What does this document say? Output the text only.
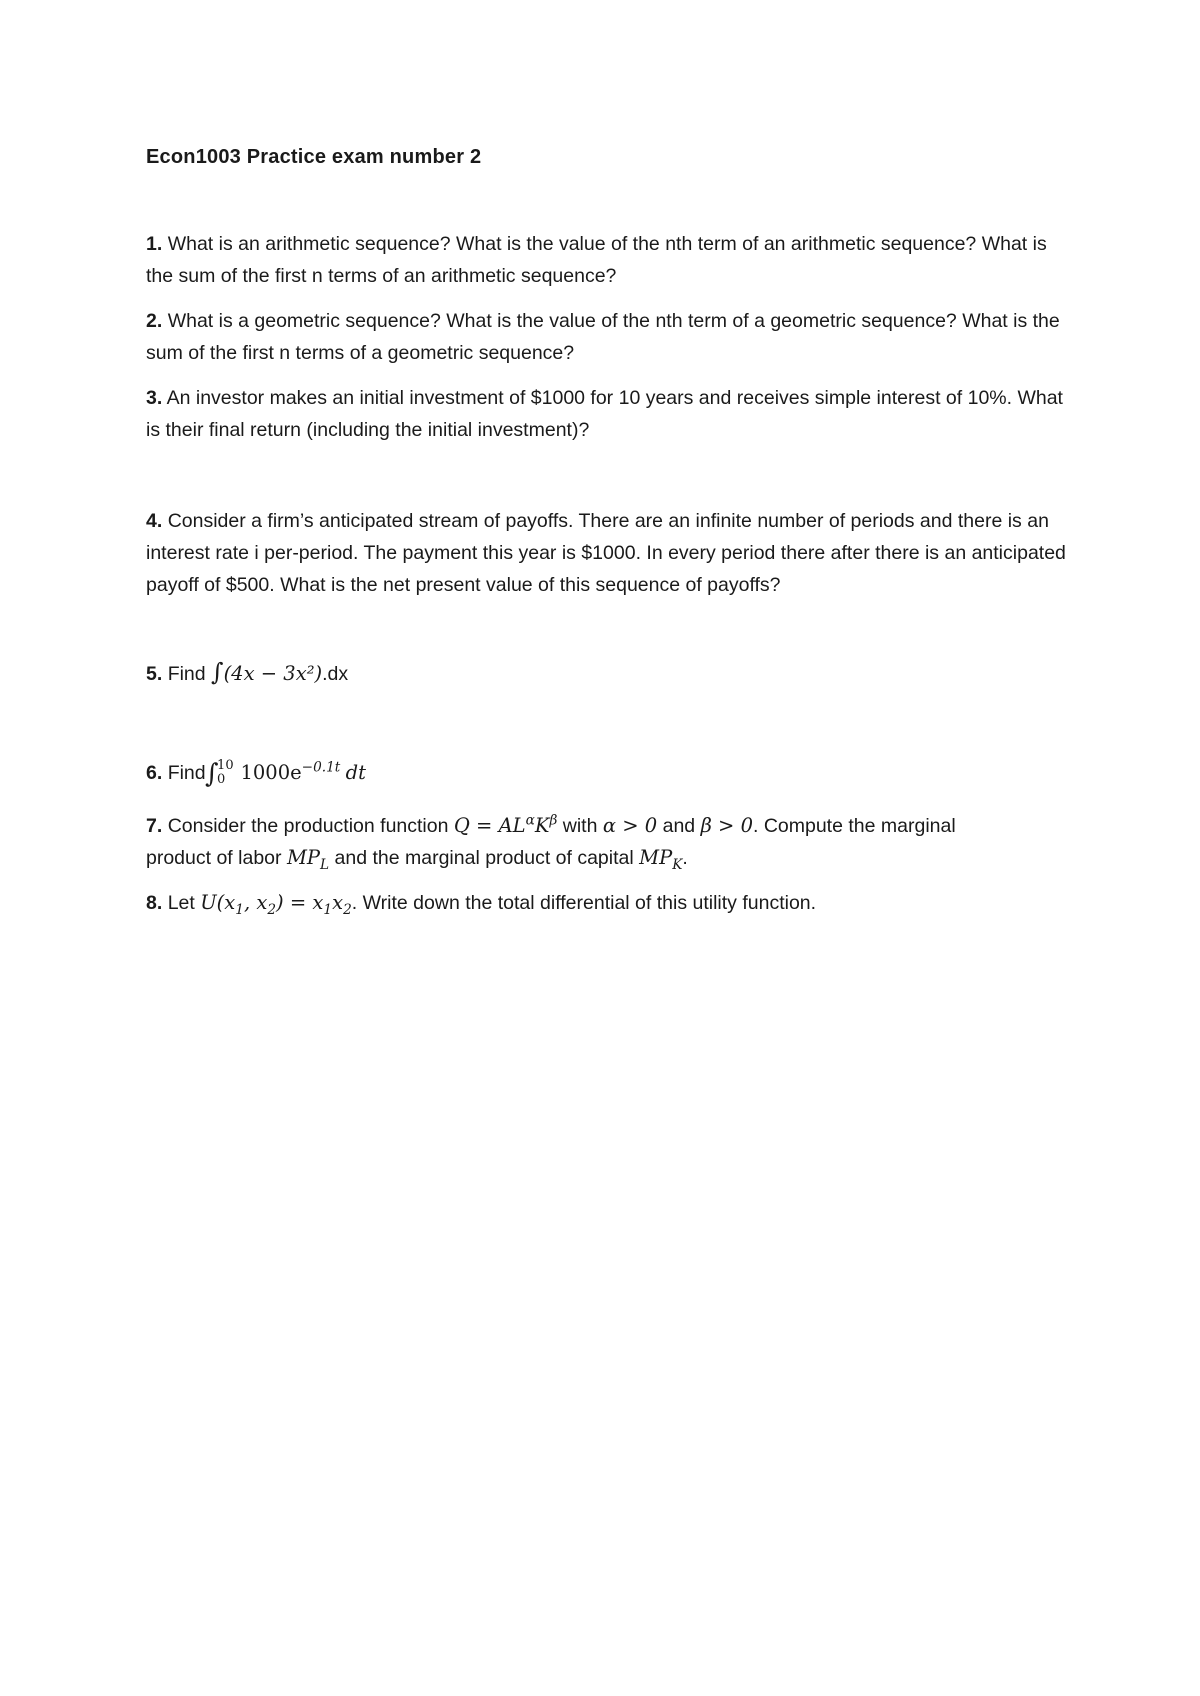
Econ1003 Practice exam number 2
1. What is an arithmetic sequence? What is the value of the nth term of an arithmetic sequence? What is the sum of the first n terms of an arithmetic sequence?
2. What is a geometric sequence? What is the value of the nth term of a geometric sequence? What is the sum of the first n terms of a geometric sequence?
3. An investor makes an initial investment of $1000 for 10 years and receives simple interest of 10%. What is their final return (including the initial investment)?
4. Consider a firm’s anticipated stream of payoffs. There are an infinite number of periods and there is an interest rate i per-period. The payment this year is $1000. In every period there after there is an anticipated payoff of $500. What is the net present value of this sequence of payoffs?
5. Find ∫(4x − 3x²).dx
6. Find ∫
10
0 $1000e^{-0.1t}$ dt
7. Consider the production function $Q = AL^\alpha K^\beta$ with α > 0 and β > 0. Compute the marginal
product of labor $MP_L$ and the marginal product of capital $MP_K$.
8. Let $U(x_1$, $x_2) = x_1x_2$. Write down the total differential of this utility function.
